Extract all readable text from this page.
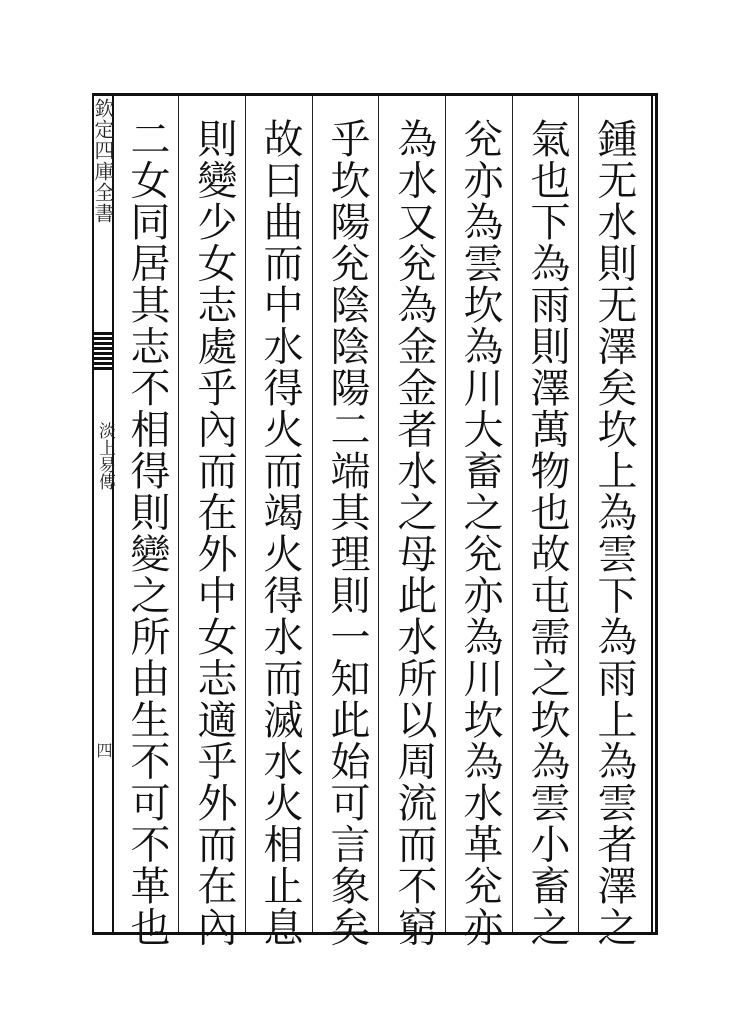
欽定四庫全書
淡上易傳
四	鍾无水則无澤矣坎上為雲下為雨上為雲者澤之
氣也下為雨則澤萬物也故屯需之坎為雲小畜之
兊亦為雲坎為川大畜之兊亦為川坎為水革兊亦
為水又兊為金金者水之母此水所以周流而不窮
乎坎陽兊陰陰陽二端其理則一知此始可言象矣
故曰曲而中水得火而竭火得水而滅水火相止息
則變少女志處乎內而在外中女志適乎外而在內
二女同居其志不相得則變之所由生不可不革也
